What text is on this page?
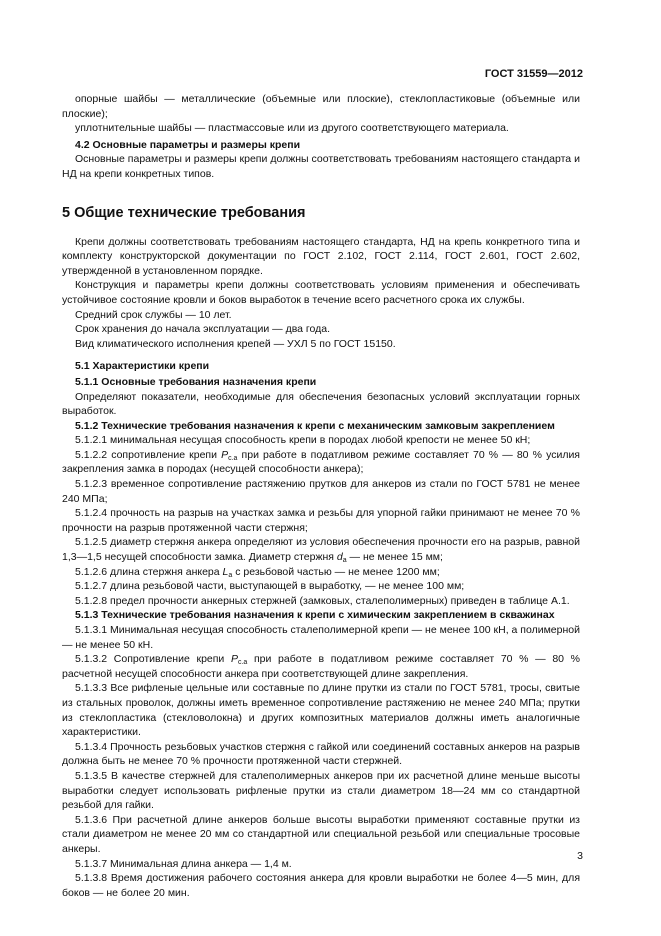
ГОСТ 31559—2012

опорные шайбы — металлические (объемные или плоские), стеклопластиковые (объемные или плоские);

уплотнительные шайбы — пластмассовые или из другого соответствующего материала.

4.2 Основные параметры и размеры крепи

Основные параметры и размеры крепи должны соответствовать требованиям настоящего стандарта и НД на крепи конкретных типов.

5 Общие технические требования

Крепи должны соответствовать требованиям настоящего стандарта, НД на крепь конкретного типа и комплекту конструкторской документации по ГОСТ 2.102, ГОСТ 2.114, ГОСТ 2.601, ГОСТ 2.602, утвержденной в установленном порядке.

Конструкция и параметры крепи должны соответствовать условиям применения и обеспечивать устойчивое состояние кровли и боков выработок в течение всего расчетного срока их службы.

Средний срок службы — 10 лет.

Срок хранения до начала эксплуатации — два года.

Вид климатического исполнения крепей — УХЛ 5 по ГОСТ 15150.

5.1 Характеристики крепи

5.1.1 Основные требования назначения крепи

Определяют показатели, необходимые для обеспечения безопасных условий эксплуатации горных выработок.

5.1.2 Технические требования назначения к крепи с механическим замковым закреплением

5.1.2.1 минимальная несущая способность крепи в породах любой крепости не менее 50 кН;

5.1.2.2 сопротивление крепи $P_{с.а}$ при работе в податливом режиме составляет 70 % — 80 % усилия закрепления замка в породах (несущей способности анкера);

5.1.2.3 временное сопротивление растяжению прутков для анкеров из стали по ГОСТ 5781 не менее 240 МПа;

5.1.2.4 прочность на разрыв на участках замка и резьбы для упорной гайки принимают не менее 70 % прочности на разрыв протяженной части стержня;

5.1.2.5 диаметр стержня анкера определяют из условия обеспечения прочности его на разрыв, равной 1,3—1,5 несущей способности замка. Диаметр стержня $d_а$ — не менее 15 мм;

5.1.2.6 длина стержня анкера $L_а$ с резьбовой частью — не менее 1200 мм;

5.1.2.7 длина резьбовой части, выступающей в выработку, — не менее 100 мм;

5.1.2.8 предел прочности анкерных стержней (замковых, сталеполимерных) приведен в таблице А.1.

5.1.3 Технические требования назначения к крепи с химическим закреплением в скважинах

5.1.3.1 Минимальная несущая способность сталеполимерной крепи — не менее 100 кН, а полимерной — не менее 50 кН.

5.1.3.2 Сопротивление крепи $P_{с.а}$ при работе в податливом режиме составляет 70 % — 80 % расчетной несущей способности анкера при соответствующей длине закрепления.

5.1.3.3 Все рифленые цельные или составные по длине прутки из стали по ГОСТ 5781, тросы, свитые из стальных проволок, должны иметь временное сопротивление растяжению не менее 240 МПа; прутки из стеклопластика (стекловолокна) и других композитных материалов должны иметь аналогичные характеристики.

5.1.3.4 Прочность резьбовых участков стержня с гайкой или соединений составных анкеров на разрыв должна быть не менее 70 % прочности протяженной части стержней.

5.1.3.5 В качестве стержней для сталеполимерных анкеров при их расчетной длине меньше высоты выработки следует использовать рифленые прутки из стали диаметром 18—24 мм со стандартной резьбой для гайки.

5.1.3.6 При расчетной длине анкеров больше высоты выработки применяют составные прутки из стали диаметром не менее 20 мм со стандартной или специальной резьбой или специальные тросовые анкеры.

5.1.3.7 Минимальная длина анкера — 1,4 м.

5.1.3.8 Время достижения рабочего состояния анкера для кровли выработки не более 4—5 мин, для боков — не более 20 мин.

3
